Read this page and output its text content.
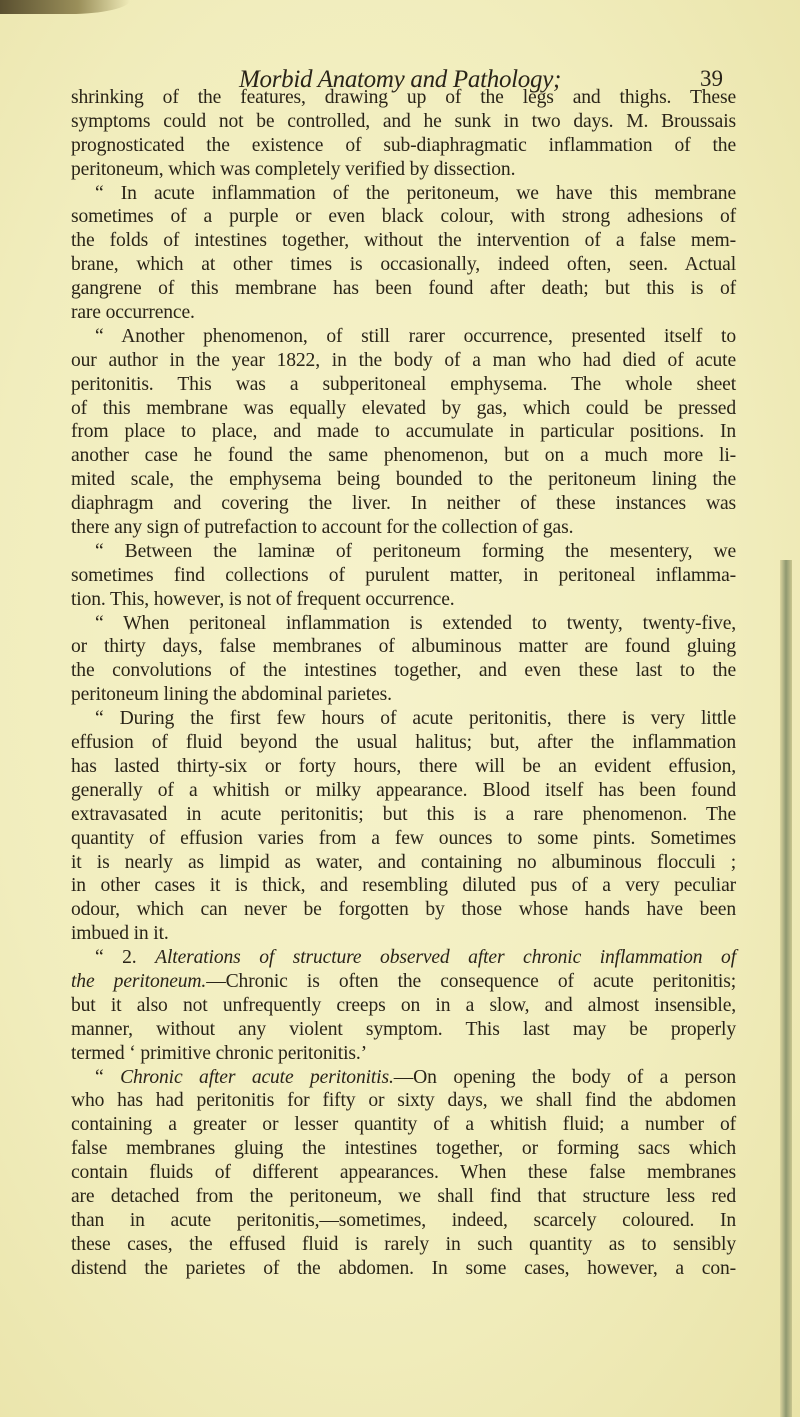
Morbid Anatomy and Pathology;	39
shrinking of the features, drawing up of the legs and thighs. These
symptoms could not be controlled, and he sunk in two days. M. Broussais
prognosticated the existence of sub-diaphragmatic inflammation of the
peritoneum, which was completely verified by dissection.
“ In acute inflammation of the peritoneum, we have this membrane
sometimes of a purple or even black colour, with strong adhesions of
the folds of intestines together, without the intervention of a false mem-
brane, which at other times is occasionally, indeed often, seen. Actual
gangrene of this membrane has been found after death; but this is of
rare occurrence.
“ Another phenomenon, of still rarer occurrence, presented itself to
our author in the year 1822, in the body of a man who had died of acute
peritonitis. This was a subperitoneal emphysema. The whole sheet
of this membrane was equally elevated by gas, which could be pressed
from place to place, and made to accumulate in particular positions. In
another case he found the same phenomenon, but on a much more li-
mited scale, the emphysema being bounded to the peritoneum lining the
diaphragm and covering the liver. In neither of these instances was
there any sign of putrefaction to account for the collection of gas.
“ Between the laminæ of peritoneum forming the mesentery, we
sometimes find collections of purulent matter, in peritoneal inflamma-
tion. This, however, is not of frequent occurrence.
“ When peritoneal inflammation is extended to twenty, twenty-five,
or thirty days, false membranes of albuminous matter are found gluing
the convolutions of the intestines together, and even these last to the
peritoneum lining the abdominal parietes.
“ During the first few hours of acute peritonitis, there is very little
effusion of fluid beyond the usual halitus; but, after the inflammation
has lasted thirty-six or forty hours, there will be an evident effusion,
generally of a whitish or milky appearance. Blood itself has been found
extravasated in acute peritonitis; but this is a rare phenomenon. The
quantity of effusion varies from a few ounces to some pints. Sometimes
it is nearly as limpid as water, and containing no albuminous flocculi ;
in other cases it is thick, and resembling diluted pus of a very peculiar
odour, which can never be forgotten by those whose hands have been
imbued in it.
“ 2. Alterations of structure observed after chronic inflammation of
the peritoneum.—Chronic is often the consequence of acute peritonitis;
but it also not unfrequently creeps on in a slow, and almost insensible,
manner, without any violent symptom. This last may be properly
termed ‘ primitive chronic peritonitis.’
“ Chronic after acute peritonitis.—On opening the body of a person
who has had peritonitis for fifty or sixty days, we shall find the abdomen
containing a greater or lesser quantity of a whitish fluid; a number of
false membranes gluing the intestines together, or forming sacs which
contain fluids of different appearances. When these false membranes
are detached from the peritoneum, we shall find that structure less red
than in acute peritonitis,—sometimes, indeed, scarcely coloured. In
these cases, the effused fluid is rarely in such quantity as to sensibly
distend the parietes of the abdomen. In some cases, however, a con-
